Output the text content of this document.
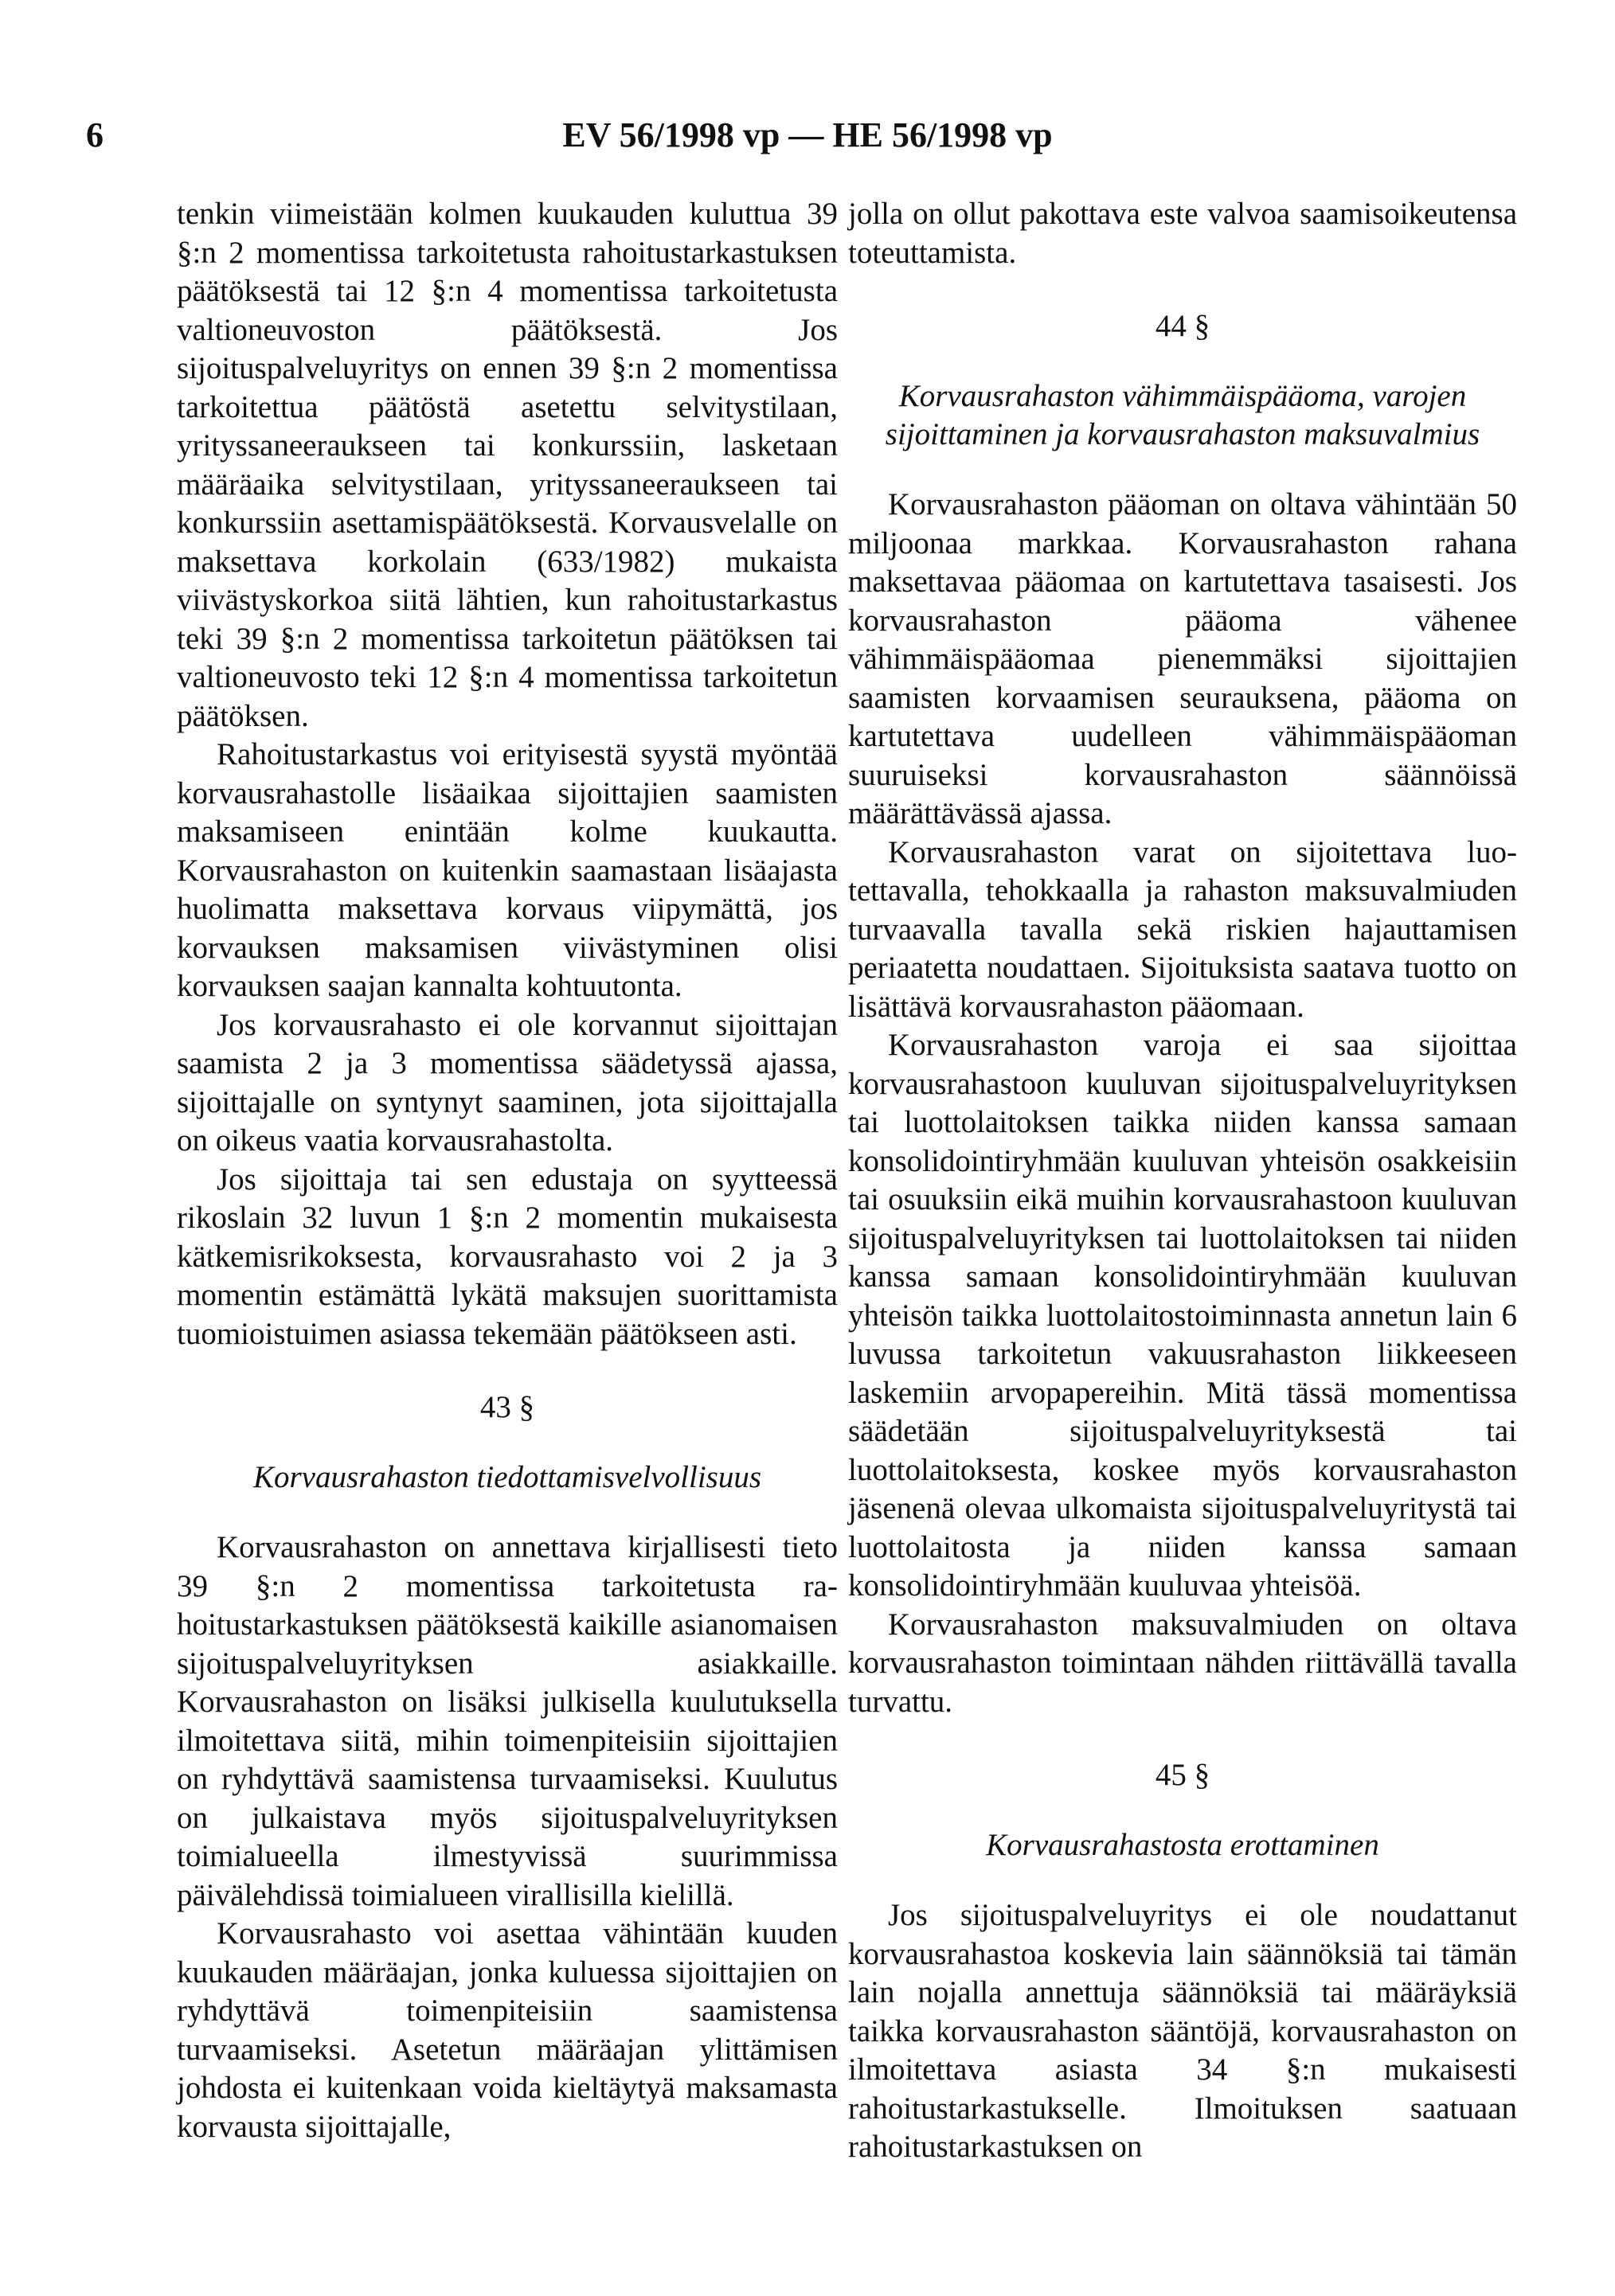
6	EV 56/1998 vp — HE 56/1998 vp

tenkin viimeistään kolmen kuukauden kuluttua 39 §:n 2 momentissa tarkoitetusta rahoitustarkastuksen päätöksestä tai 12 §:n 4 momentissa tarkoitetusta valtioneuvoston päätöksestä. Jos sijoituspalveluyritys on ennen 39 §:n 2 momentissa tarkoitettua päätöstä asetettu selvitystilaan, yrityssaneeraukseen tai konkurssiin, lasketaan määräaika selvitystilaan, yrityssaneeraukseen tai konkurssiin asettamispäätöksestä. Korvausvelalle on maksettava korkolain (633/1982) mukaista viivästyskorkoa siitä lähtien, kun rahoitustarkastus teki 39 §:n 2 momentissa tarkoitetun päätöksen tai valtioneuvosto teki 12 §:n 4 momentissa tarkoitetun päätöksen.

Rahoitustarkastus voi erityisestä syystä myöntää korvausrahastolle lisäaikaa sijoittajien saamisten maksamiseen enintään kolme kuukautta. Korvausrahaston on kuitenkin saamastaan lisäajasta huolimatta maksettava korvaus viipymättä, jos korvauksen maksamisen viivästyminen olisi korvauksen saajan kannalta kohtuutonta.

Jos korvausrahasto ei ole korvannut sijoittajan saamista 2 ja 3 momentissa säädetyssä ajassa, sijoittajalle on syntynyt saaminen, jota sijoittajalla on oikeus vaatia korvausrahastolta.

Jos sijoittaja tai sen edustaja on syytteessä rikoslain 32 luvun 1 §:n 2 momentin mukaisesta kätkemisrikoksesta, korvausrahasto voi 2 ja 3 momentin estämättä lykätä maksujen suorittamista tuomioistuimen asiassa tekemään päätökseen asti.

43 §
Korvausrahaston tiedottamisvelvollisuus

Korvausrahaston on annettava kirjallisesti tieto 39 §:n 2 momentissa tarkoitetusta rahoitustarkastuksen päätöksestä kaikille asianomaisen sijoituspalveluyrityksen asiakkaille. Korvausrahaston on lisäksi julkisella kuulutuksella ilmoitettava siitä, mihin toimenpiteisiin sijoittajien on ryhdyttävä saamistensa turvaamiseksi. Kuulutus on julkaistava myös sijoituspalveluyrityksen toimialueella ilmestyvissä suurimmissa päivälehdissä toimialueen virallisilla kielillä.

Korvausrahasto voi asettaa vähintään kuuden kuukauden määräajan, jonka kuluessa sijoittajien on ryhdyttävä toimenpiteisiin saamistensa turvaamiseksi. Asetetun määräajan ylittämisen johdosta ei kuitenkaan voida kieltäytyä maksamasta korvausta sijoittajalle,

jolla on ollut pakottava este valvoa saamisoikeutensa toteuttamista.

44 §
Korvausrahaston vähimmäispääoma, varojen sijoittaminen ja korvausrahaston maksuvalmius

Korvausrahaston pääoman on oltava vähintään 50 miljoonaa markkaa. Korvausrahaston rahana maksettavaa pääomaa on kartutettava tasaisesti. Jos korvausrahaston pääoma vähenee vähimmäispääomaa pienemmäksi sijoittajien saamisten korvaamisen seurauksena, pääoma on kartutettava uudelleen vähimmäispääoman suuruiseksi korvausrahaston säännöissä määrättävässä ajassa.

Korvausrahaston varat on sijoitettava luotettavalla, tehokkaalla ja rahaston maksuvalmiuden turvaavalla tavalla sekä riskien hajauttamisen periaatetta noudattaen. Sijoituksista saatava tuotto on lisättävä korvausrahaston pääomaan.

Korvausrahaston varoja ei saa sijoittaa korvausrahastoon kuuluvan sijoituspalveluyrityksen tai luottolaitoksen taikka niiden kanssa samaan konsolidointiryhmään kuuluvan yhteisön osakkeisiin tai osuuksiin eikä muihin korvausrahastoon kuuluvan sijoituspalveluyrityksen tai luottolaitoksen tai niiden kanssa samaan konsolidointiryhmään kuuluvan yhteisön taikka luottolaitostoiminnasta annetun lain 6 luvussa tarkoitetun vakuusrahaston liikkeeseen laskemiin arvopapereihin. Mitä tässä momentissa säädetään sijoituspalveluyrityksestä tai luottolaitoksesta, koskee myös korvausrahaston jäsenenä olevaa ulkomaista sijoituspalveluyritystä tai luottolaitosta ja niiden kanssa samaan konsolidointiryhmään kuuluvaa yhteisöä.

Korvausrahaston maksuvalmiuden on oltava korvausrahaston toimintaan nähden riittävällä tavalla turvattu.

45 §
Korvausrahastosta erottaminen

Jos sijoituspalveluyritys ei ole noudattanut korvausrahastoa koskevia lain säännöksiä tai tämän lain nojalla annettuja säännöksiä tai määräyksiä taikka korvausrahaston sääntöjä, korvausrahaston on ilmoitettava asiasta 34 §:n mukaisesti rahoitustarkastukselle. Ilmoituksen saatuaan rahoitustarkastuksen on
